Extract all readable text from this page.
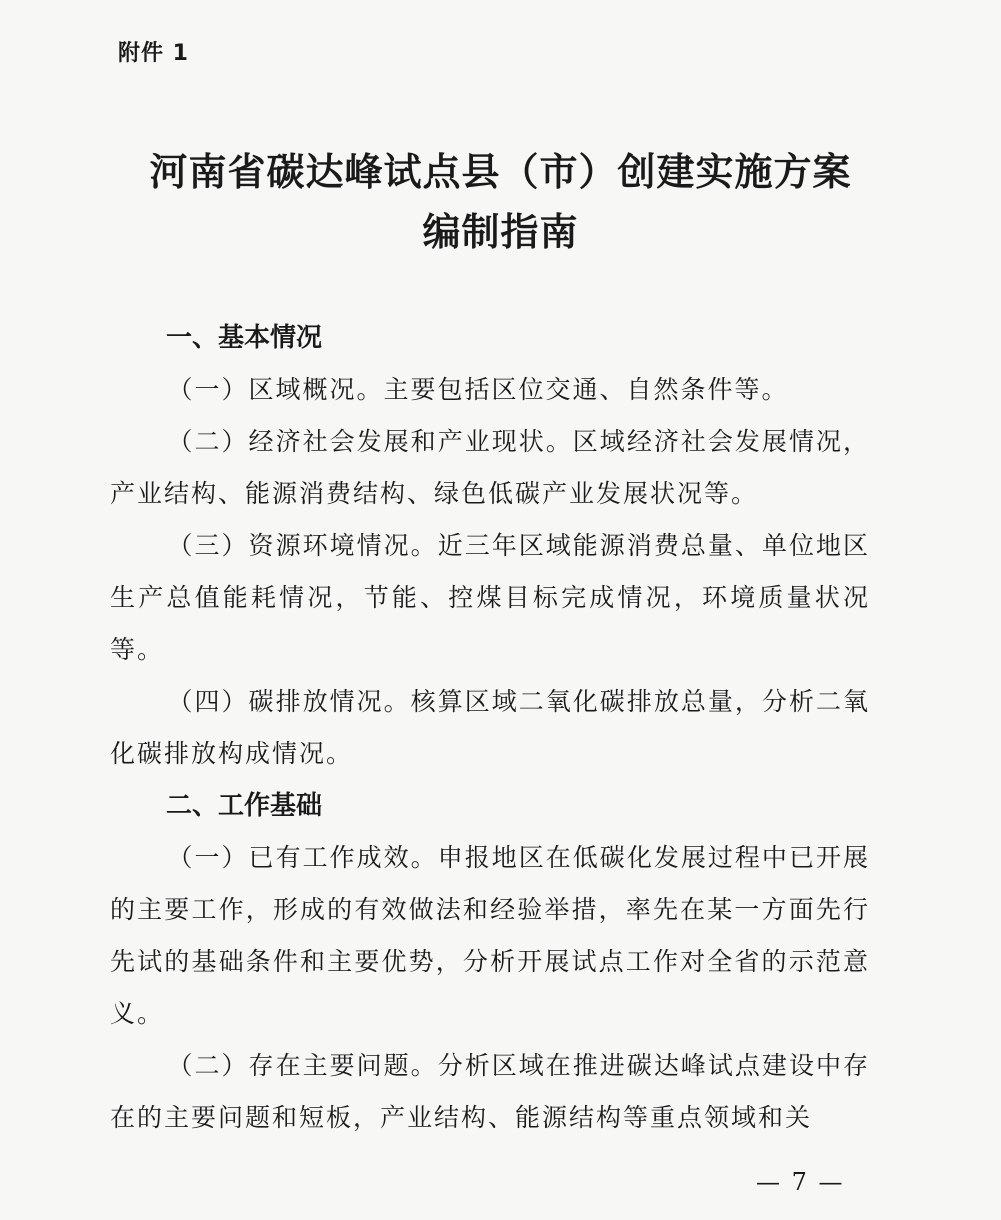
附件 1
河南省碳达峰试点县（市）创建实施方案
编制指南

一、基本情况

（一）区域概况。主要包括区位交通、自然条件等。

（二）经济社会发展和产业现状。区域经济社会发展情况，产业结构、能源消费结构、绿色低碳产业发展状况等。

（三）资源环境情况。近三年区域能源消费总量、单位地区生产总值能耗情况，节能、控煤目标完成情况，环境质量状况等。

（四）碳排放情况。核算区域二氧化碳排放总量，分析二氧化碳排放构成情况。

二、工作基础

（一）已有工作成效。申报地区在低碳化发展过程中已开展的主要工作，形成的有效做法和经验举措，率先在某一方面先行先试的基础条件和主要优势，分析开展试点工作对全省的示范意义。

（二）存在主要问题。分析区域在推进碳达峰试点建设中存在的主要问题和短板，产业结构、能源结构等重点领域和关

— 7 —
